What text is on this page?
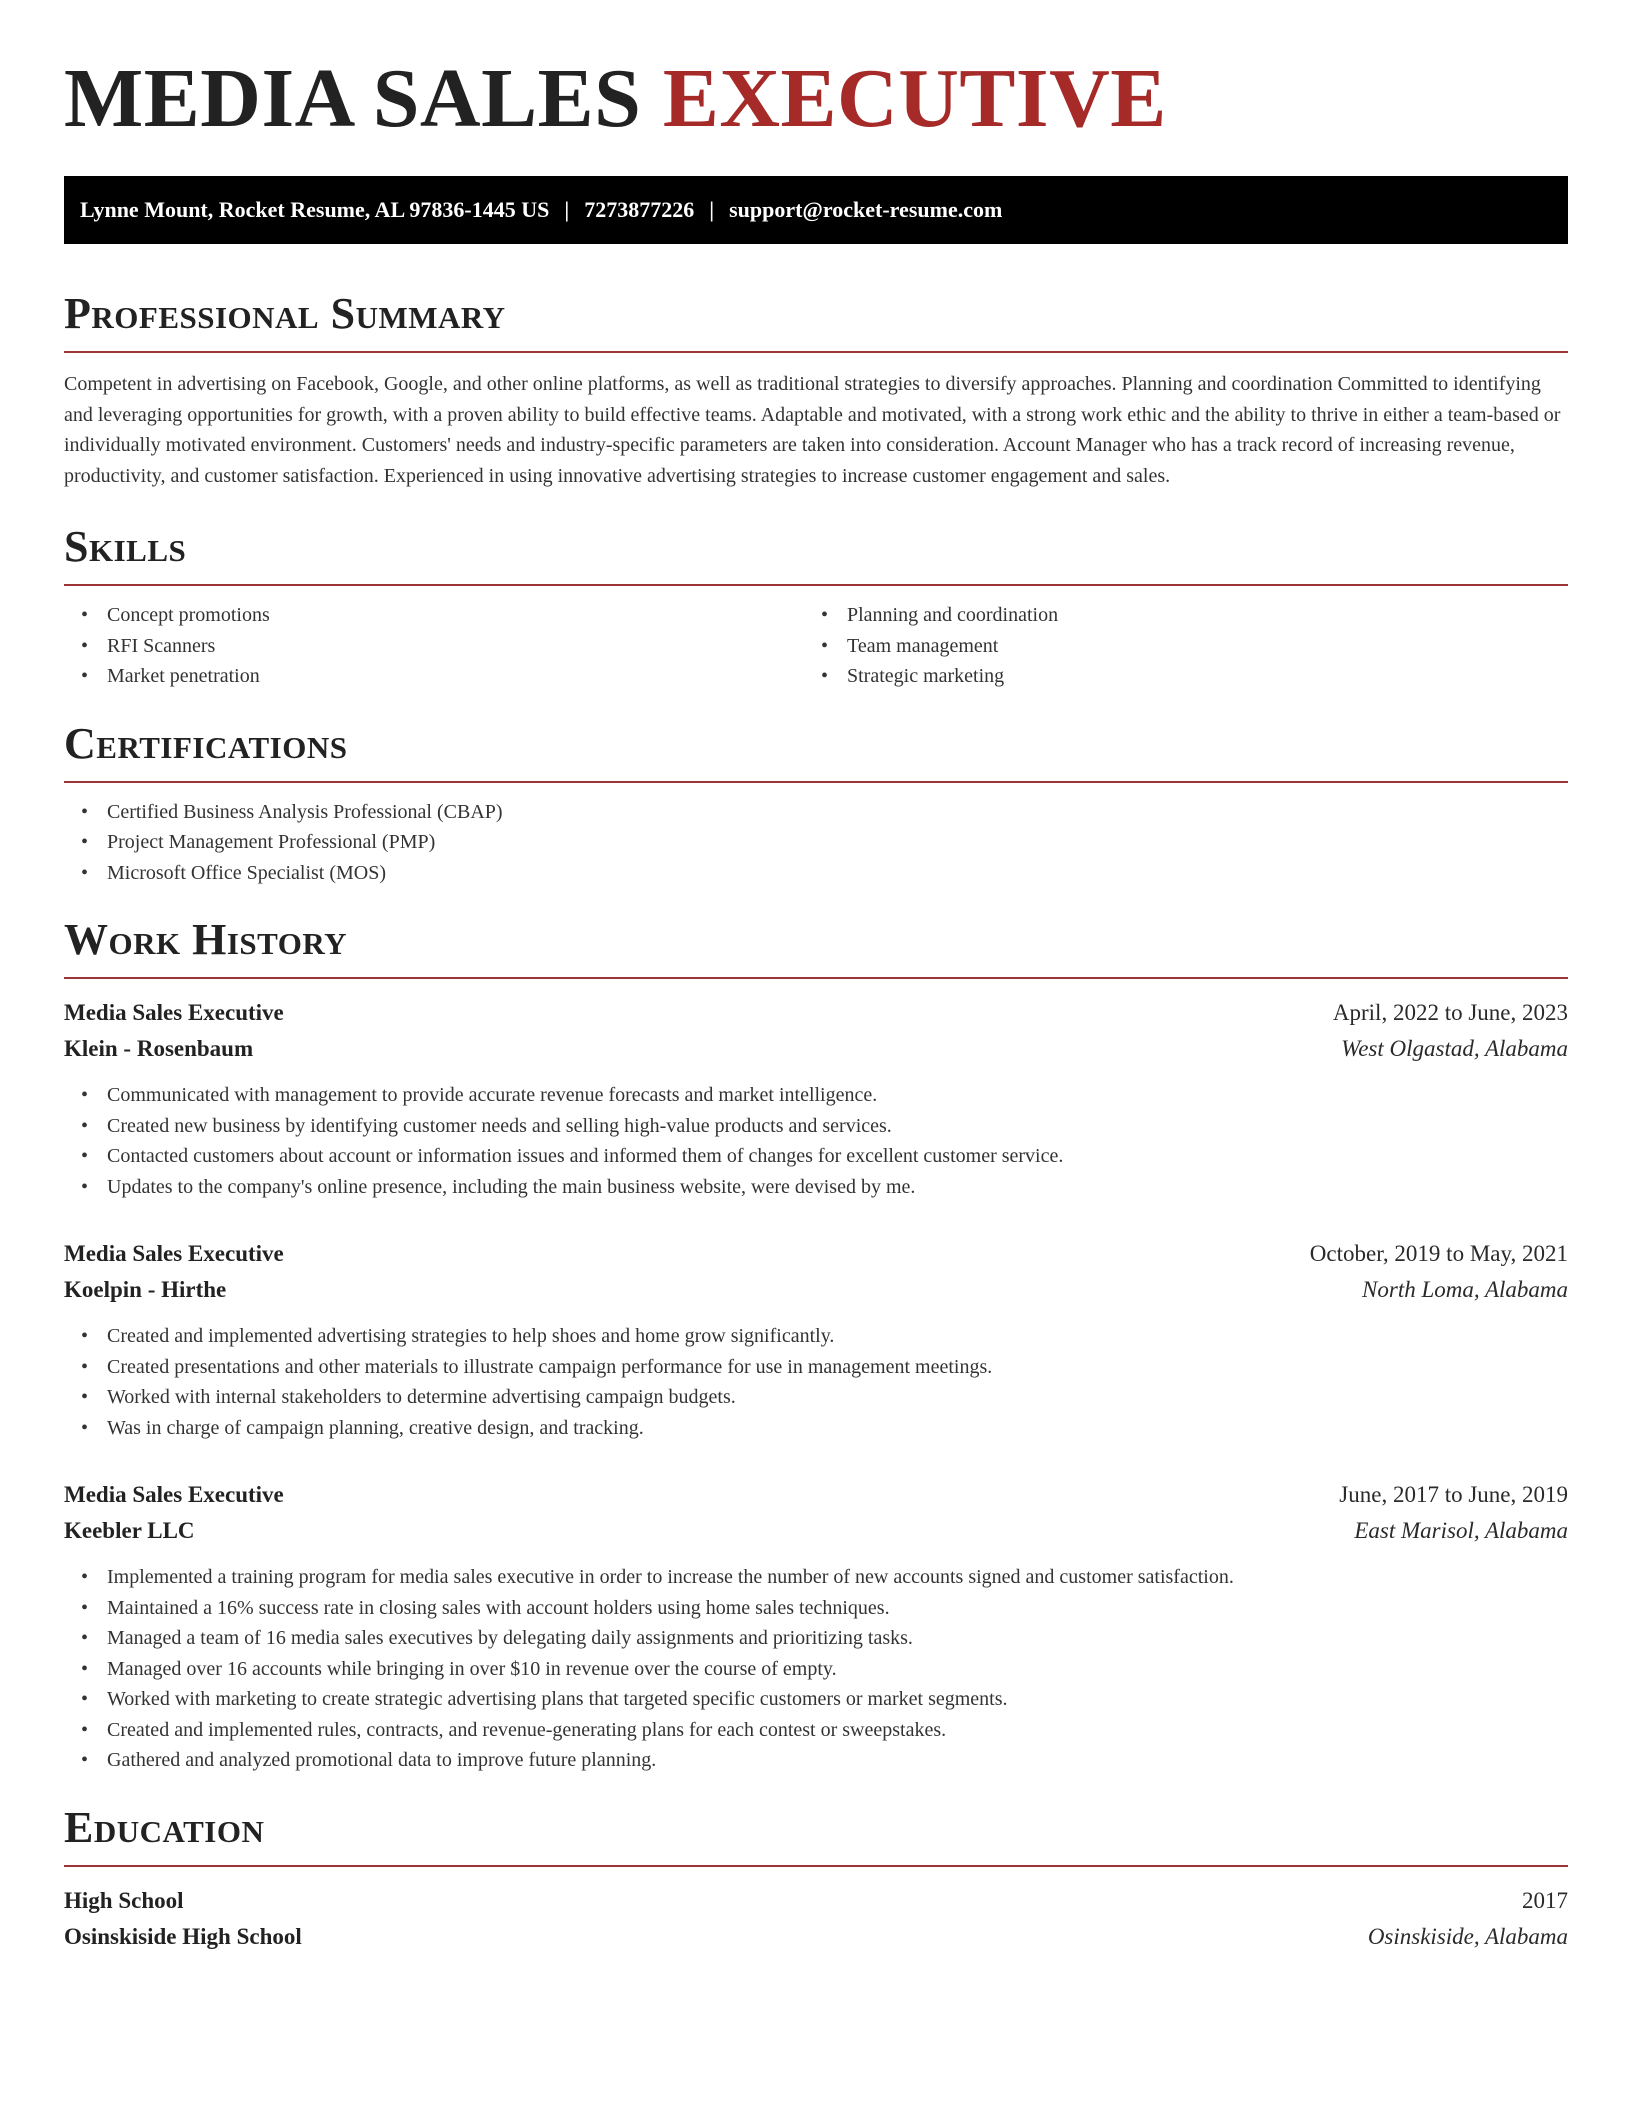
MEDIA SALES EXECUTIVE
Lynne Mount, Rocket Resume, AL 97836-1445 US | 7273877226 | support@rocket-resume.com
Professional Summary

Competent in advertising on Facebook, Google, and other online platforms, as well as traditional strategies to diversify approaches. Planning and coordination Committed to identifying and leveraging opportunities for growth, with a proven ability to build effective teams. Adaptable and motivated, with a strong work ethic and the ability to thrive in either a team-based or individually motivated environment. Customers' needs and industry-specific parameters are taken into consideration. Account Manager who has a track record of increasing revenue, productivity, and customer satisfaction. Experienced in using innovative advertising strategies to increase customer engagement and sales.

Skills
• Concept promotions
• RFI Scanners
• Market penetration
• Planning and coordination
• Team management
• Strategic marketing
Certifications
• Certified Business Analysis Professional (CBAP)
• Project Management Professional (PMP)
• Microsoft Office Specialist (MOS)
Work History
Media Sales Executive	April, 2022 to June, 2023
Klein - Rosenbaum	West Olgastad, Alabama
• Communicated with management to provide accurate revenue forecasts and market intelligence.
• Created new business by identifying customer needs and selling high-value products and services.
• Contacted customers about account or information issues and informed them of changes for excellent customer service.
• Updates to the company's online presence, including the main business website, were devised by me.
Media Sales Executive	October, 2019 to May, 2021
Koelpin - Hirthe	North Loma, Alabama
• Created and implemented advertising strategies to help shoes and home grow significantly.
• Created presentations and other materials to illustrate campaign performance for use in management meetings.
• Worked with internal stakeholders to determine advertising campaign budgets.
• Was in charge of campaign planning, creative design, and tracking.
Media Sales Executive	June, 2017 to June, 2019
Keebler LLC	East Marisol, Alabama
• Implemented a training program for media sales executive in order to increase the number of new accounts signed and customer satisfaction.
• Maintained a 16% success rate in closing sales with account holders using home sales techniques.
• Managed a team of 16 media sales executives by delegating daily assignments and prioritizing tasks.
• Managed over 16 accounts while bringing in over $10 in revenue over the course of empty.
• Worked with marketing to create strategic advertising plans that targeted specific customers or market segments.
• Created and implemented rules, contracts, and revenue-generating plans for each contest or sweepstakes.
• Gathered and analyzed promotional data to improve future planning.
Education
High School	2017
Osinskiside High School	Osinskiside, Alabama
